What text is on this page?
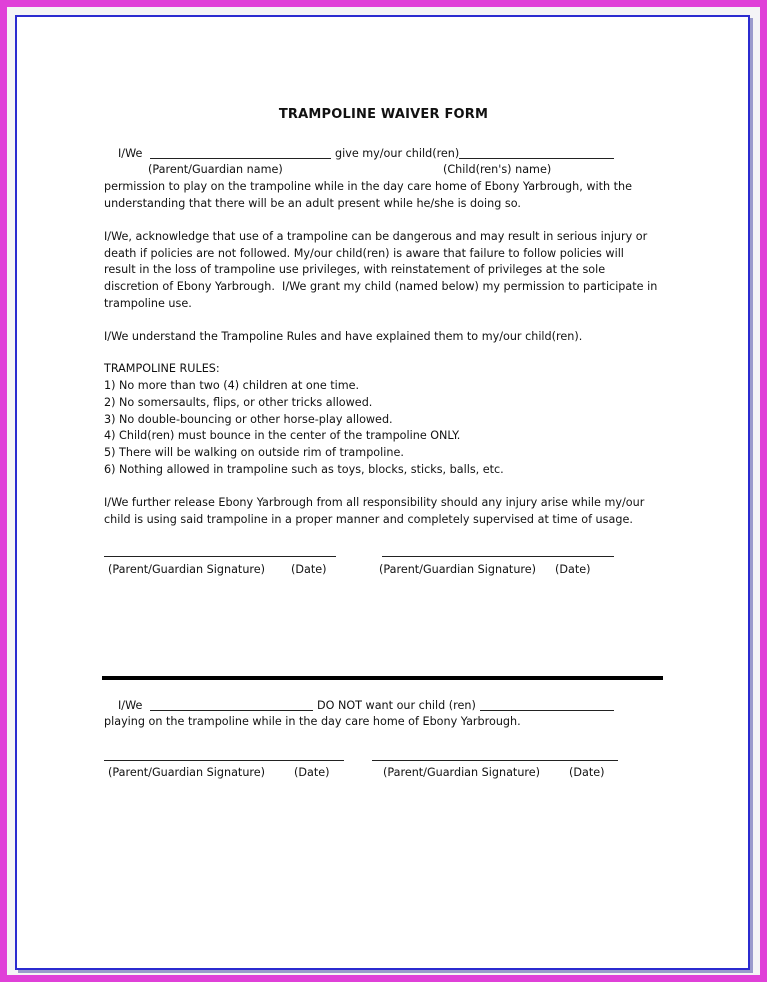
TRAMPOLINE WAIVER FORM
I/We	give my/our child(ren)
(Parent/Guardian name)	(Child(ren's) name)
permission to play on the trampoline while in the day care home of Ebony Yarbrough, with the
understanding that there will be an adult present while he/she is doing so.
I/We, acknowledge that use of a trampoline can be dangerous and may result in serious injury or
death if policies are not followed. My/our child(ren) is aware that failure to follow policies will
result in the loss of trampoline use privileges, with reinstatement of privileges at the sole
discretion of Ebony Yarbrough.  I/We grant my child (named below) my permission to participate in
trampoline use.
I/We understand the Trampoline Rules and have explained them to my/our child(ren).
TRAMPOLINE RULES:
1) No more than two (4) children at one time.
2) No somersaults, flips, or other tricks allowed.
3) No double-bouncing or other horse-play allowed.
4) Child(ren) must bounce in the center of the trampoline ONLY.
5) There will be walking on outside rim of trampoline.
6) Nothing allowed in trampoline such as toys, blocks, sticks, balls, etc.
I/We further release Ebony Yarbrough from all responsibility should any injury arise while my/our
child is using said trampoline in a proper manner and completely supervised at time of usage.
(Parent/Guardian Signature) (Date)	(Parent/Guardian Signature) (Date)
I/We	DO NOT want our child (ren)
playing on the trampoline while in the day care home of Ebony Yarbrough.
(Parent/Guardian Signature)	(Date)	(Parent/Guardian Signature)	(Date)
